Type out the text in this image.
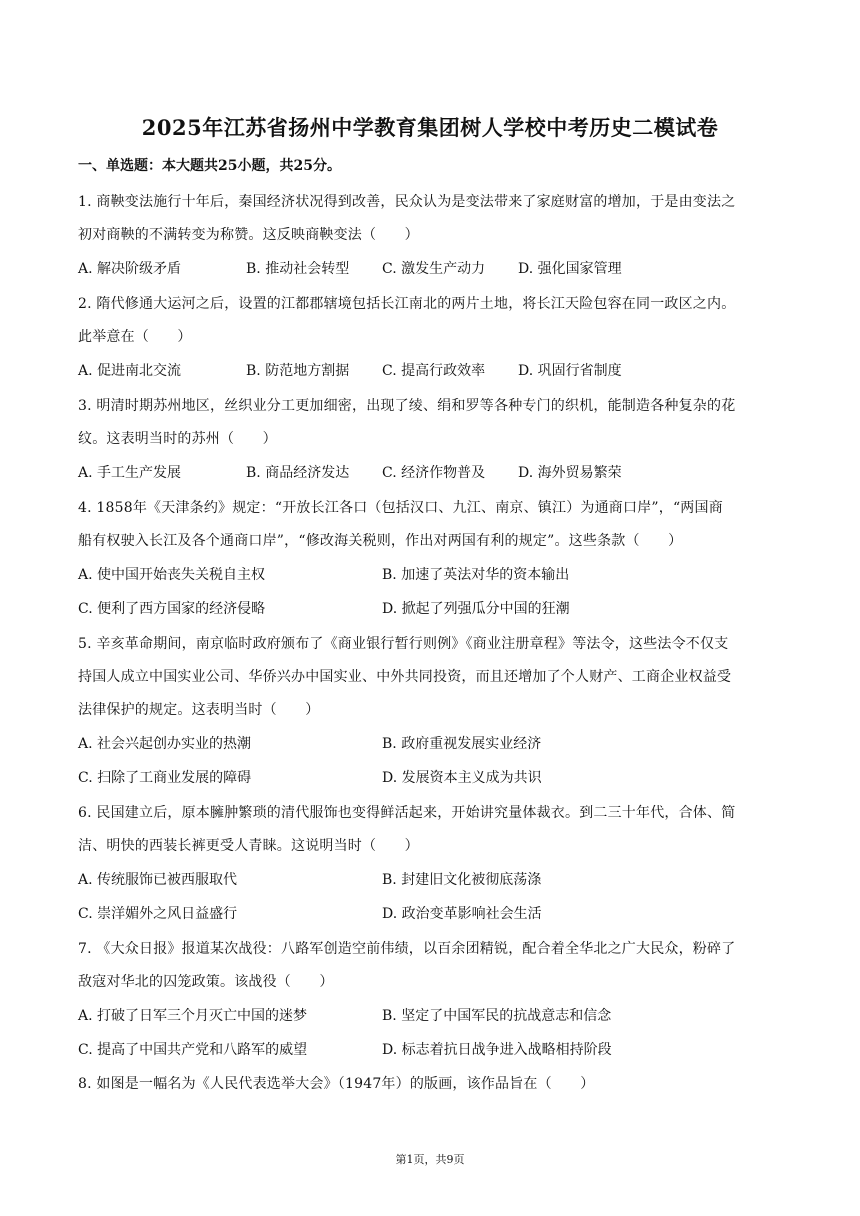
2025年江苏省扬州中学教育集团树人学校中考历史二模试卷
一、单选题：本大题共25小题，共25分。
1. 商鞅变法施行十年后，秦国经济状况得到改善，民众认为是变法带来了家庭财富的增加，于是由变法之
初对商鞅的不满转变为称赞。这反映商鞅变法（　　）
A. 解决阶级矛盾	B. 推动社会转型 C. 激发生产动力 D. 强化国家管理
2. 隋代修通大运河之后，设置的江都郡辖境包括长江南北的两片土地，将长江天险包容在同一政区之内。
此举意在（　　）
A. 促进南北交流	B. 防范地方割据 C. 提高行政效率 D. 巩固行省制度
3. 明清时期苏州地区，丝织业分工更加细密，出现了绫、绢和罗等各种专门的织机，能制造各种复杂的花
纹。这表明当时的苏州（　　）
A. 手工生产发展	B. 商品经济发达 C. 经济作物普及 D. 海外贸易繁荣
4. 1858年《天津条约》规定：“开放长江各口（包括汉口、九江、南京、镇江）为通商口岸”，“两国商
船有权驶入长江及各个通商口岸”，“修改海关税则，作出对两国有利的规定”。这些条款（　　）
A. 使中国开始丧失关税自主权	B. 加速了英法对华的资本输出
C. 便利了西方国家的经济侵略	D. 掀起了列强瓜分中国的狂潮
5. 辛亥革命期间，南京临时政府颁布了《商业银行暂行则例》《商业注册章程》等法令，这些法令不仅支
持国人成立中国实业公司、华侨兴办中国实业、中外共同投资，而且还增加了个人财产、工商企业权益受
法律保护的规定。这表明当时（　　）
A. 社会兴起创办实业的热潮	B. 政府重视发展实业经济
C. 扫除了工商业发展的障碍	D. 发展资本主义成为共识
6. 民国建立后，原本臃肿繁琐的清代服饰也变得鲜活起来，开始讲究量体裁衣。到二三十年代，合体、简
洁、明快的西装长裤更受人青睐。这说明当时（　　）
A. 传统服饰已被西服取代	B. 封建旧文化被彻底荡涤
C. 崇洋媚外之风日益盛行	D. 政治变革影响社会生活
7. 《大众日报》报道某次战役：八路军创造空前伟绩，以百余团精锐，配合着全华北之广大民众，粉碎了
敌寇对华北的囚笼政策。该战役（　　）
A. 打破了日军三个月灭亡中国的迷梦	B. 坚定了中国军民的抗战意志和信念
C. 提高了中国共产党和八路军的威望	D. 标志着抗日战争进入战略相持阶段
8. 如图是一幅名为《人民代表选举大会》（1947年）的版画，该作品旨在（　　）
第1页，共9页
